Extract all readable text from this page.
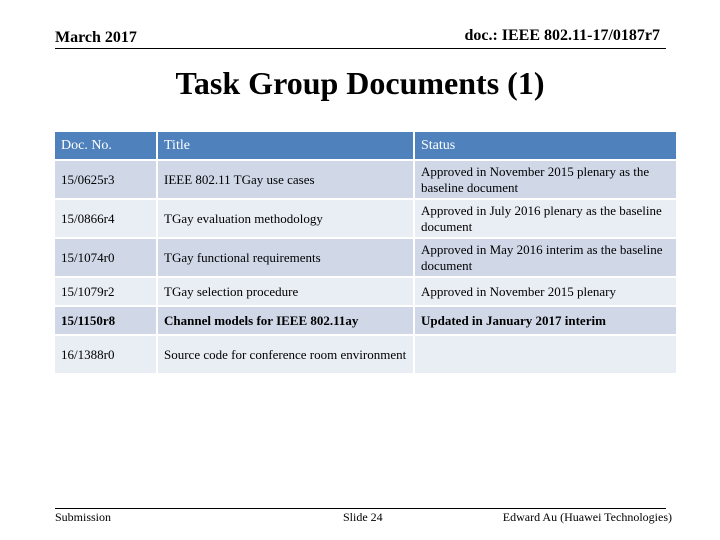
March 2017	doc.: IEEE 802.11-17/0187r7
Task Group Documents (1)
Doc. No.	Title	Status
15/0625r3	IEEE 802.11 TGay use cases	Approved in November 2015 plenary as the baseline document
15/0866r4	TGay evaluation methodology	Approved in July 2016 plenary as the baseline document
15/1074r0	TGay functional requirements	Approved in May 2016 interim as the baseline document
15/1079r2	TGay selection procedure	Approved in November 2015 plenary
15/1150r8	Channel models for IEEE 802.11ay	Updated in January 2017 interim
16/1388r0	Source code for conference room environment	
Submission	Slide 24	Edward Au (Huawei Technologies)
